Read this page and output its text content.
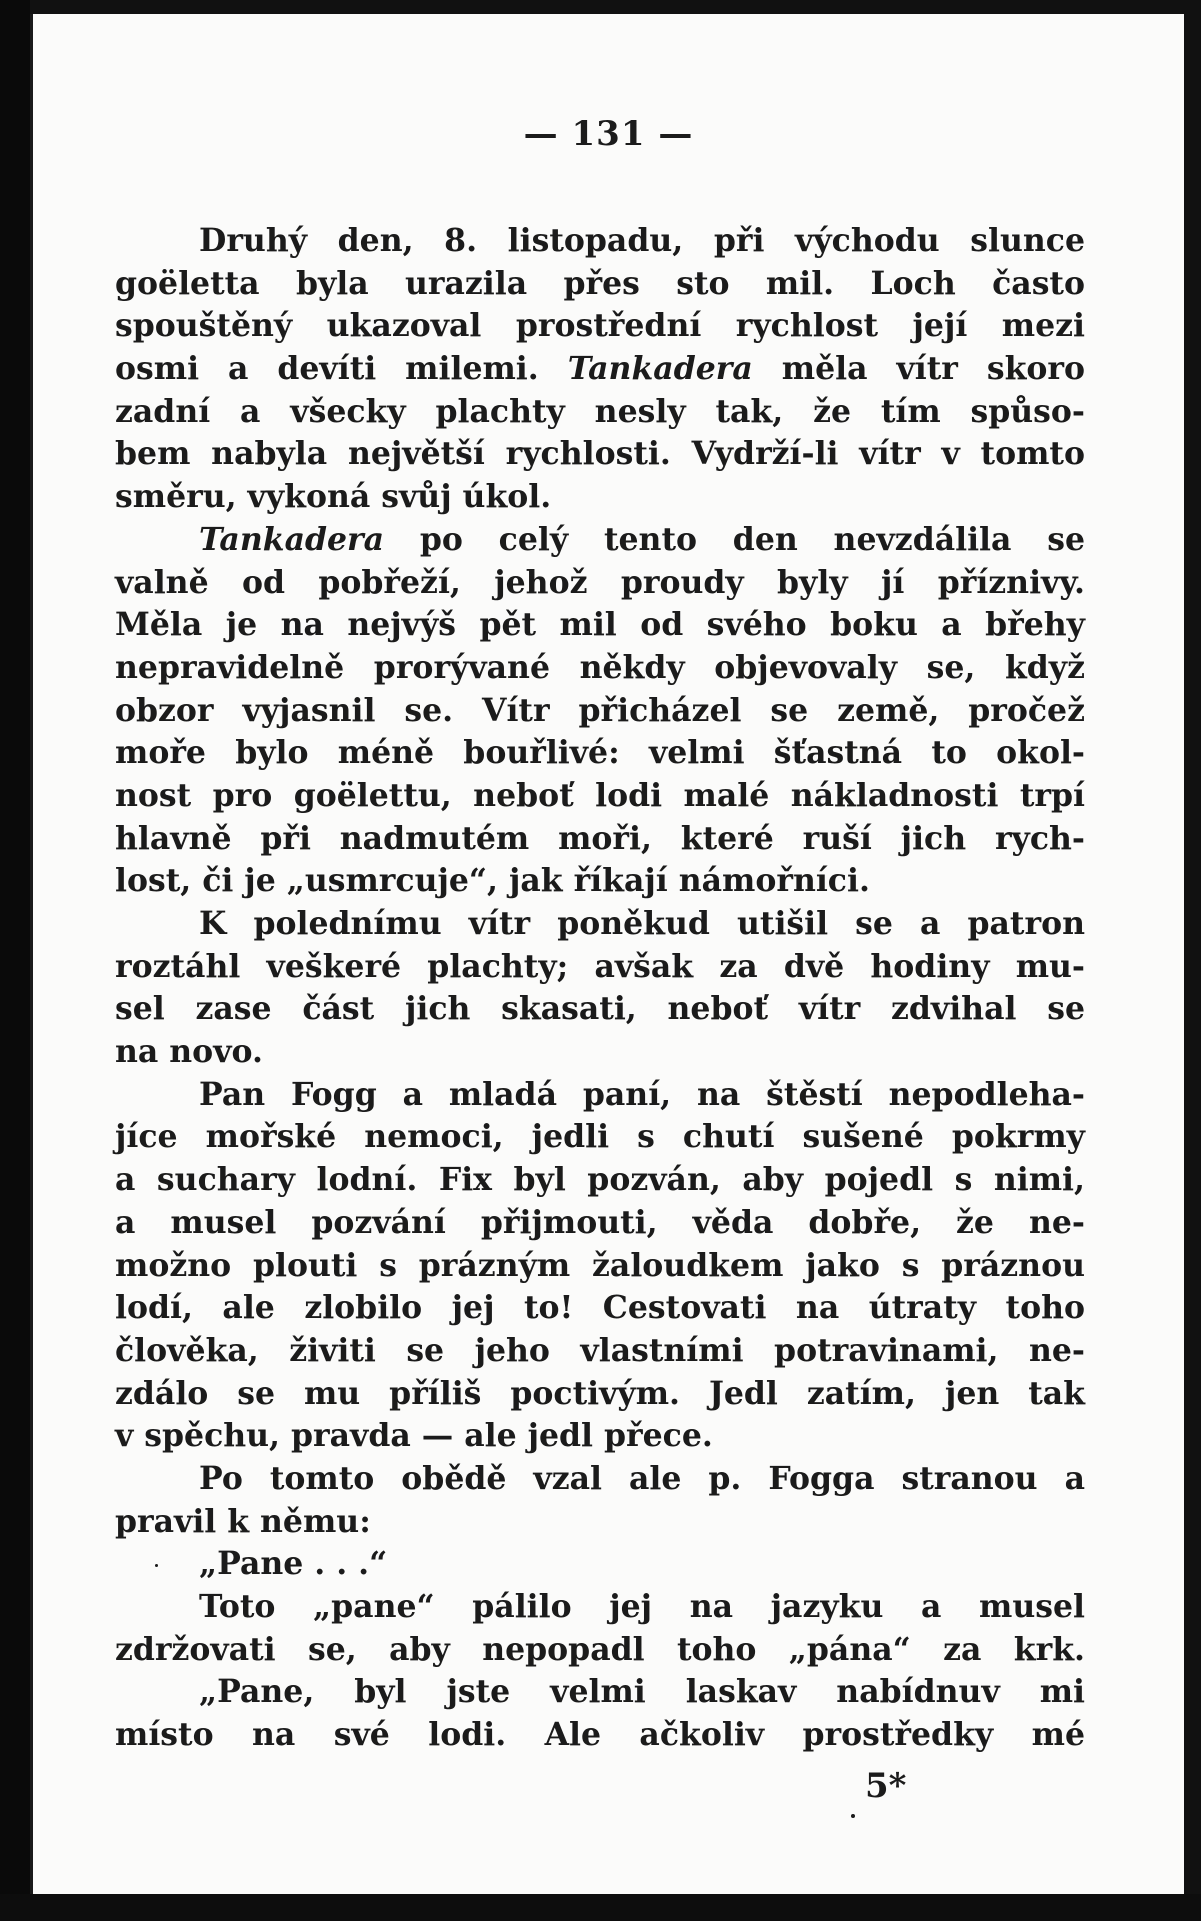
— 131 —
Druhý den, 8. listopadu, při východu slunce
goëletta byla urazila přes sto mil. Loch často
spouštěný ukazoval prostřední rychlost její mezi
osmi a devíti milemi. Tankadera měla vítr skoro
zadní a všecky plachty nesly tak, že tím spůso-
bem nabyla největší rychlosti. Vydrží-li vítr v tomto
směru, vykoná svůj úkol.
Tankadera po celý tento den nevzdálila se
valně od pobřeží, jehož proudy byly jí příznivy.
Měla je na nejvýš pět mil od svého boku a břehy
nepravidelně prorývané někdy objevovaly se, když
obzor vyjasnil se. Vítr přicházel se země, pročež
moře bylo méně bouřlivé: velmi šťastná to okol-
nost pro goëlettu, neboť lodi malé nákladnosti trpí
hlavně při nadmutém moři, které ruší jich rych-
lost, či je „usmrcuje“, jak říkají námořníci.
K polednímu vítr poněkud utišil se a patron
roztáhl veškeré plachty; avšak za dvě hodiny mu-
sel zase část jich skasati, neboť vítr zdvihal se
na novo.
Pan Fogg a mladá paní, na štěstí nepodleha-
jíce mořské nemoci, jedli s chutí sušené pokrmy
a suchary lodní. Fix byl pozván, aby pojedl s nimi,
a musel pozvání přijmouti, věda dobře, že ne-
možno plouti s prázným žaloudkem jako s práznou
lodí, ale zlobilo jej to! Cestovati na útraty toho
člověka, živiti se jeho vlastními potravinami, ne-
zdálo se mu příliš poctivým. Jedl zatím, jen tak
v spěchu, pravda — ale jedl přece.
Po tomto obědě vzal ale p. Fogga stranou a
pravil k němu:
„Pane . . .“
Toto „pane“ pálilo jej na jazyku a musel
zdržovati se, aby nepopadl toho „pána“ za krk.
„Pane, byl jste velmi laskav nabídnuv mi
místo na své lodi. Ale ačkoliv prostředky mé
5*
